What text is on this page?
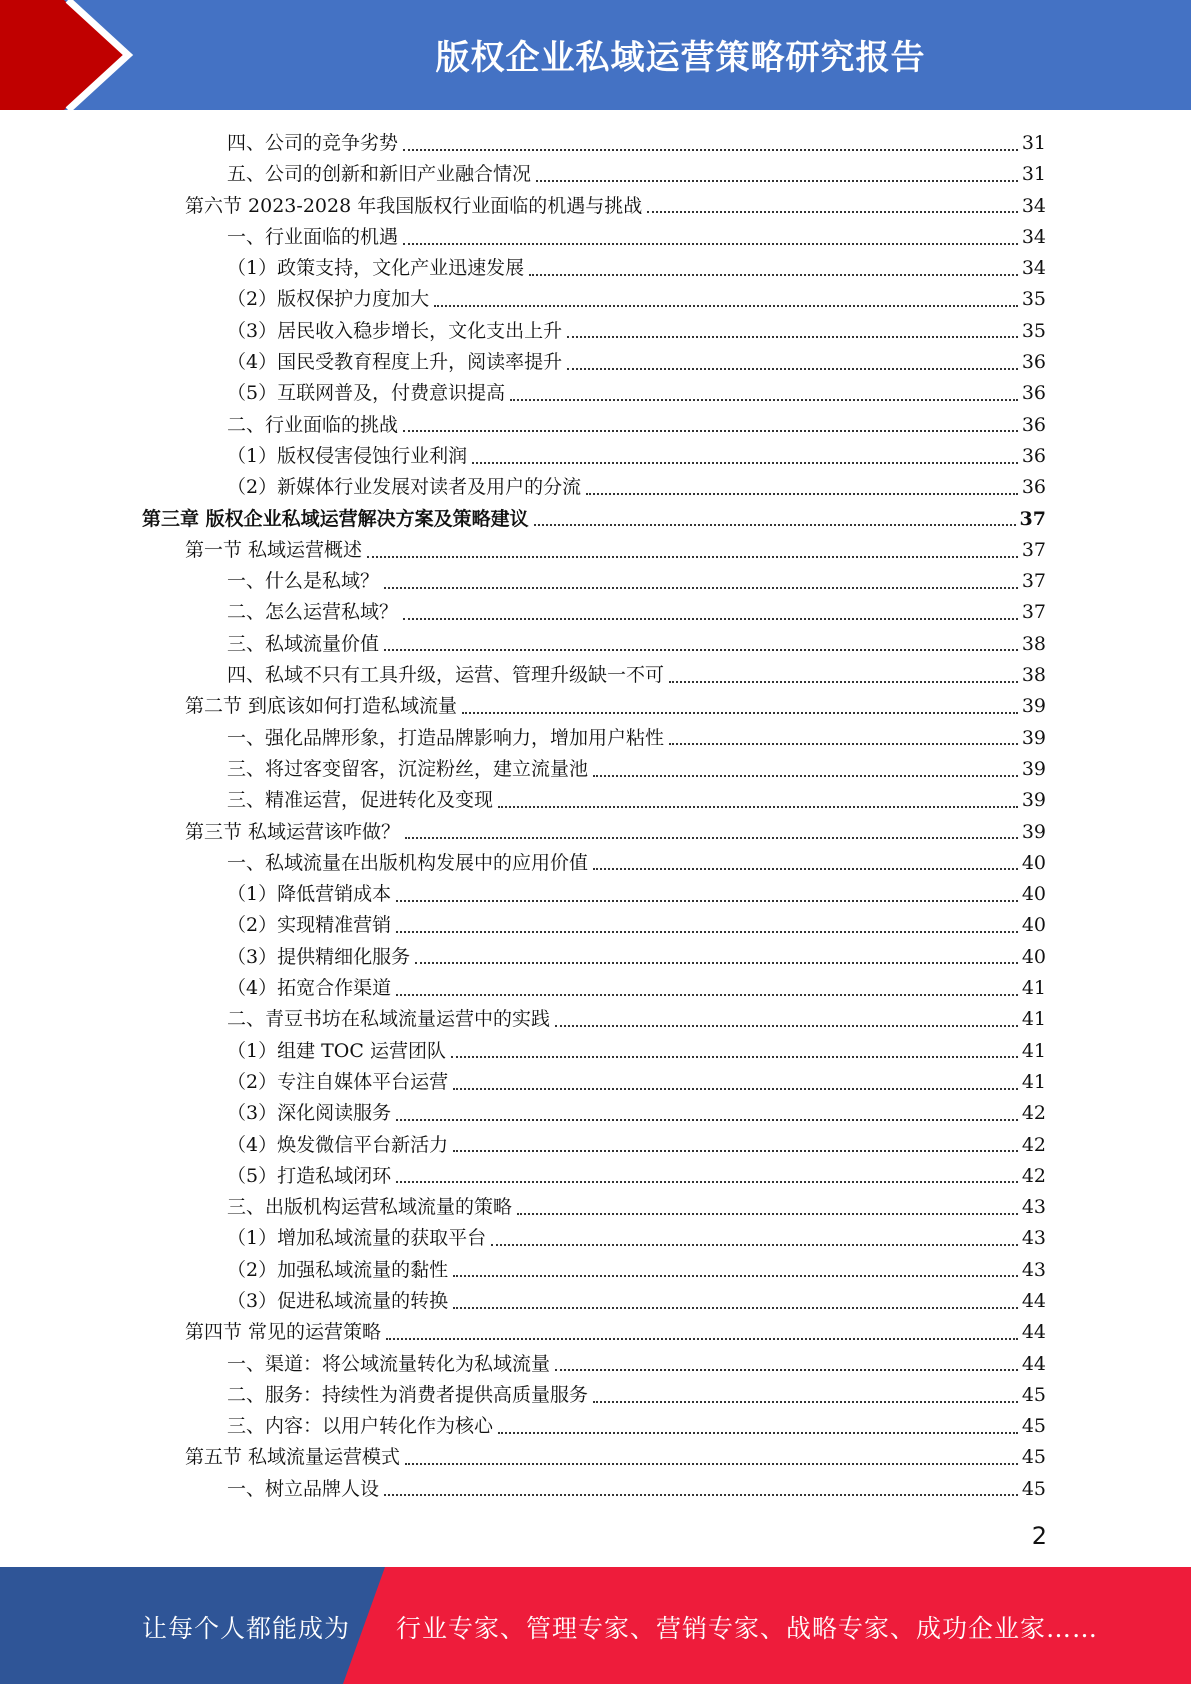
版权企业私域运营策略研究报告
四、公司的竞争劣势	31
五、公司的创新和新旧产业融合情况	31
第六节 2023-2028 年我国版权行业面临的机遇与挑战	34
一、行业面临的机遇	34
（1）政策支持，文化产业迅速发展	34
（2）版权保护力度加大	35
（3）居民收入稳步增长，文化支出上升	35
（4）国民受教育程度上升，阅读率提升	36
（5）互联网普及，付费意识提高	36
二、行业面临的挑战	36
（1）版权侵害侵蚀行业利润	36
（2）新媒体行业发展对读者及用户的分流	36
第三章 版权企业私域运营解决方案及策略建议	37
第一节 私域运营概述	37
一、什么是私域？	37
二、怎么运营私域？	37
三、私域流量价值	38
四、私域不只有工具升级，运营、管理升级缺一不可	38
第二节 到底该如何打造私域流量	39
一、强化品牌形象，打造品牌影响力，增加用户粘性	39
三、将过客变留客，沉淀粉丝，建立流量池	39
三、精准运营，促进转化及变现	39
第三节 私域运营该咋做？	39
一、私域流量在出版机构发展中的应用价值	40
（1）降低营销成本	40
（2）实现精准营销	40
（3）提供精细化服务	40
（4）拓宽合作渠道	41
二、青豆书坊在私域流量运营中的实践	41
（1）组建 TOC 运营团队	41
（2）专注自媒体平台运营	41
（3）深化阅读服务	42
（4）焕发微信平台新活力	42
（5）打造私域闭环	42
三、出版机构运营私域流量的策略	43
（1）增加私域流量的获取平台	43
（2）加强私域流量的黏性	43
（3）促进私域流量的转换	44
第四节 常见的运营策略	44
一、渠道：将公域流量转化为私域流量	44
二、服务：持续性为消费者提供高质量服务	45
三、内容：以用户转化作为核心	45
第五节 私域流量运营模式	45
一、树立品牌人设	45
2
让每个人都能成为 行业专家、管理专家、营销专家、战略专家、成功企业家……
